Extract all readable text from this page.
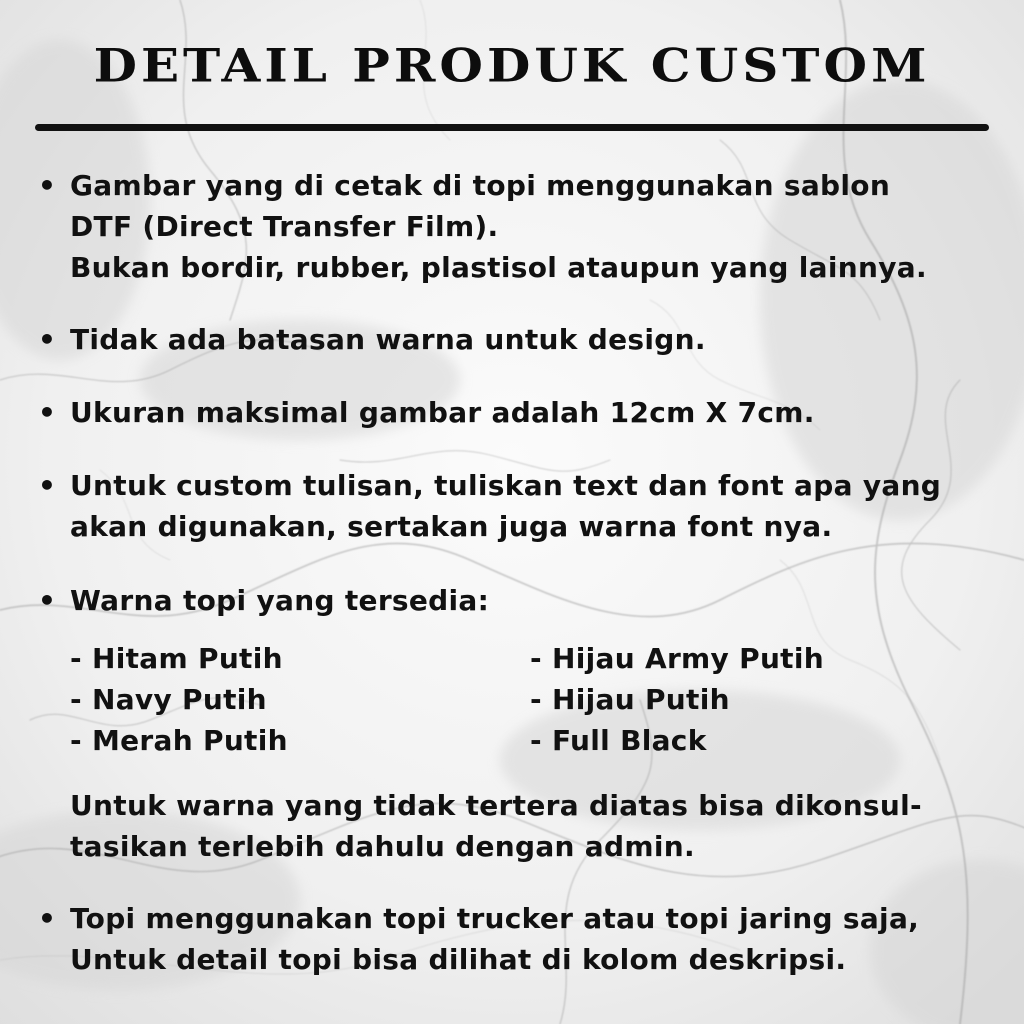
DETAIL PRODUK CUSTOM
• Gambar yang di cetak di topi menggunakan sablon
DTF (Direct Transfer Film).
Bukan bordir, rubber, plastisol ataupun yang lainnya.
• Tidak ada batasan warna untuk design.
• Ukuran maksimal gambar adalah 12cm X 7cm.
• Untuk custom tulisan, tuliskan text dan font apa yang
akan digunakan, sertakan juga warna font nya.
• Warna topi yang tersedia:
- Hitam Putih
- Navy Putih
- Merah Putih
- Hijau Army Putih
- Hijau Putih
- Full Black
Untuk warna yang tidak tertera diatas bisa dikonsul-
tasikan terlebih dahulu dengan admin.
• Topi menggunakan topi trucker atau topi jaring saja,
Untuk detail topi bisa dilihat di kolom deskripsi.
